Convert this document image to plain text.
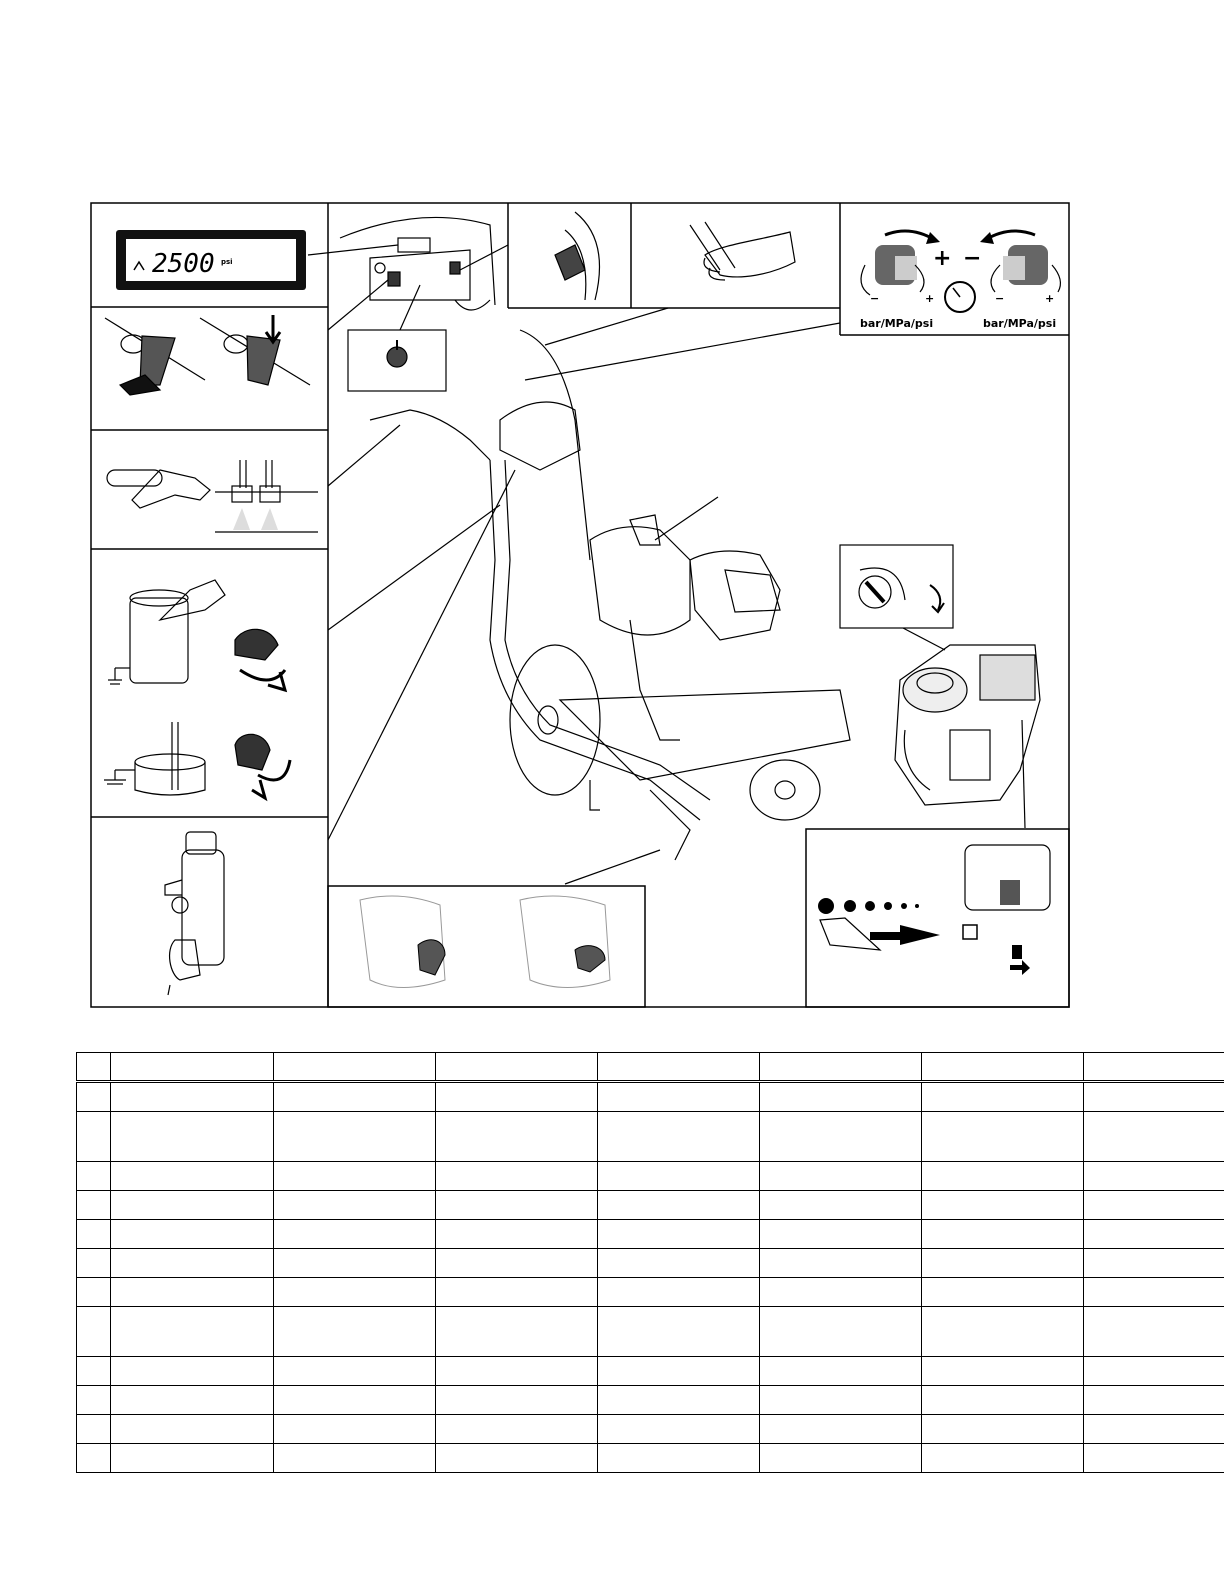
2500 psi	+ −
−	+	−	+
bar/MPa/psi	bar/MPa/psi
